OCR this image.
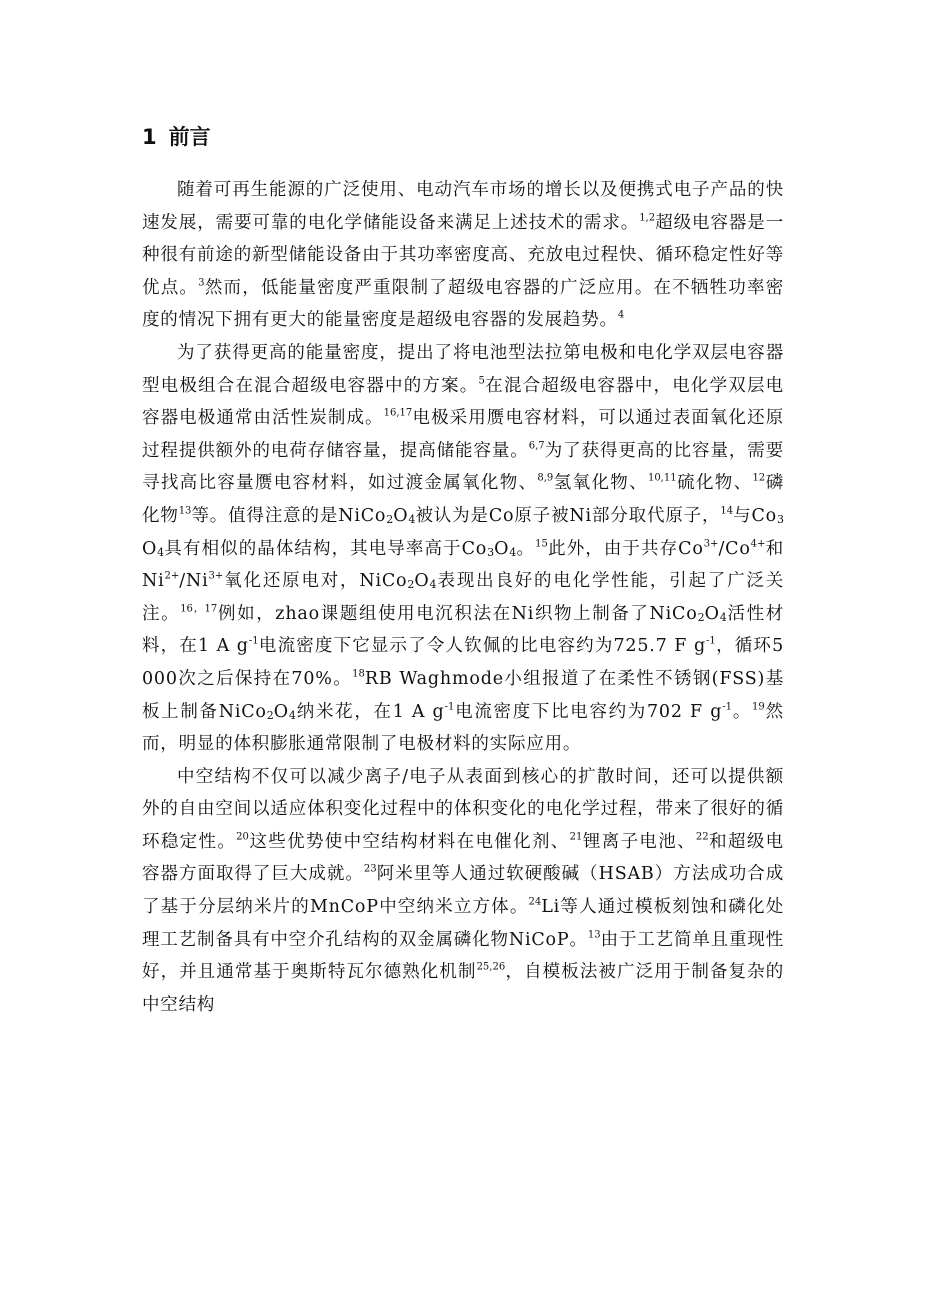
1 前言

随着可再生能源的广泛使用、电动汽车市场的增长以及便携式电子产品的快速发展，需要可靠的电化学储能设备来满足上述技术的需求。$^{1,2}$超级电容器是一种很有前途的新型储能设备由于其功率密度高、充放电过程快、循环稳定性好等优点。$^3$然而，低能量密度严重限制了超级电容器的广泛应用。在不牺牲功率密度的情况下拥有更大的能量密度是超级电容器的发展趋势。$^4$

为了获得更高的能量密度，提出了将电池型法拉第电极和电化学双层电容器型电极组合在混合超级电容器中的方案。$^5$在混合超级电容器中，电化学双层电容器电极通常由活性炭制成。$^{16,17}$电极采用赝电容材料，可以通过表面氧化还原过程提供额外的电荷存储容量，提高储能容量。$^{6,7}$为了获得更高的比容量，需要寻找高比容量赝电容材料，如过渡金属氧化物、$^{8,9}$氢氧化物、$^{10,11}$硫化物、$^{12}$磷化物$^{13}$等。值得注意的是$NiCo_2O_4$被认为是Co原子被Ni部分取代原子，$^{14}$与$Co_3O_4$具有相似的晶体结构，其电导率高于$Co_3O_4$。$^{15}$此外，由于共存$Co^{3+}/Co^{4+}$和$Ni^{2+}/Ni^{3+}$氧化还原电对，$NiCo_2O_4$表现出良好的电化学性能，引起了广泛关注。$^{16,17}$例如，zhao课题组使用电沉积法在Ni织物上制备了$NiCo_2O_4$活性材料，在1 A $g^{-1}$电流密度下它显示了令人钦佩的比电容约为725.7 F $g^{-1}$，循环5000次之后保持在70%。$^{18}$RB Waghmode小组报道了在柔性不锈钢(FSS)基板上制备$NiCo_2O_4$纳米花，在1 A $g^{-1}$电流密度下比电容约为702 F $g^{-1}$。$^{19}$然而，明显的体积膨胀通常限制了电极材料的实际应用。

中空结构不仅可以减少离子/电子从表面到核心的扩散时间，还可以提供额外的自由空间以适应体积变化过程中的体积变化的电化学过程，带来了很好的循环稳定性。$^{20}$这些优势使中空结构材料在电催化剂、$^{21}$锂离子电池、$^{22}$和超级电容器方面取得了巨大成就。$^{23}$阿米里等人通过软硬酸碱（HSAB）方法成功合成了基于分层纳米片的MnCoP中空纳米立方体。$^{24}$Li等人通过模板刻蚀和磷化处理工艺制备具有中空介孔结构的双金属磷化物NiCoP。$^{13}$由于工艺简单且重现性好，并且通常基于奥斯特瓦尔德熟化机制$^{25,26}$，自模板法被广泛用于制备复杂的中空结构
